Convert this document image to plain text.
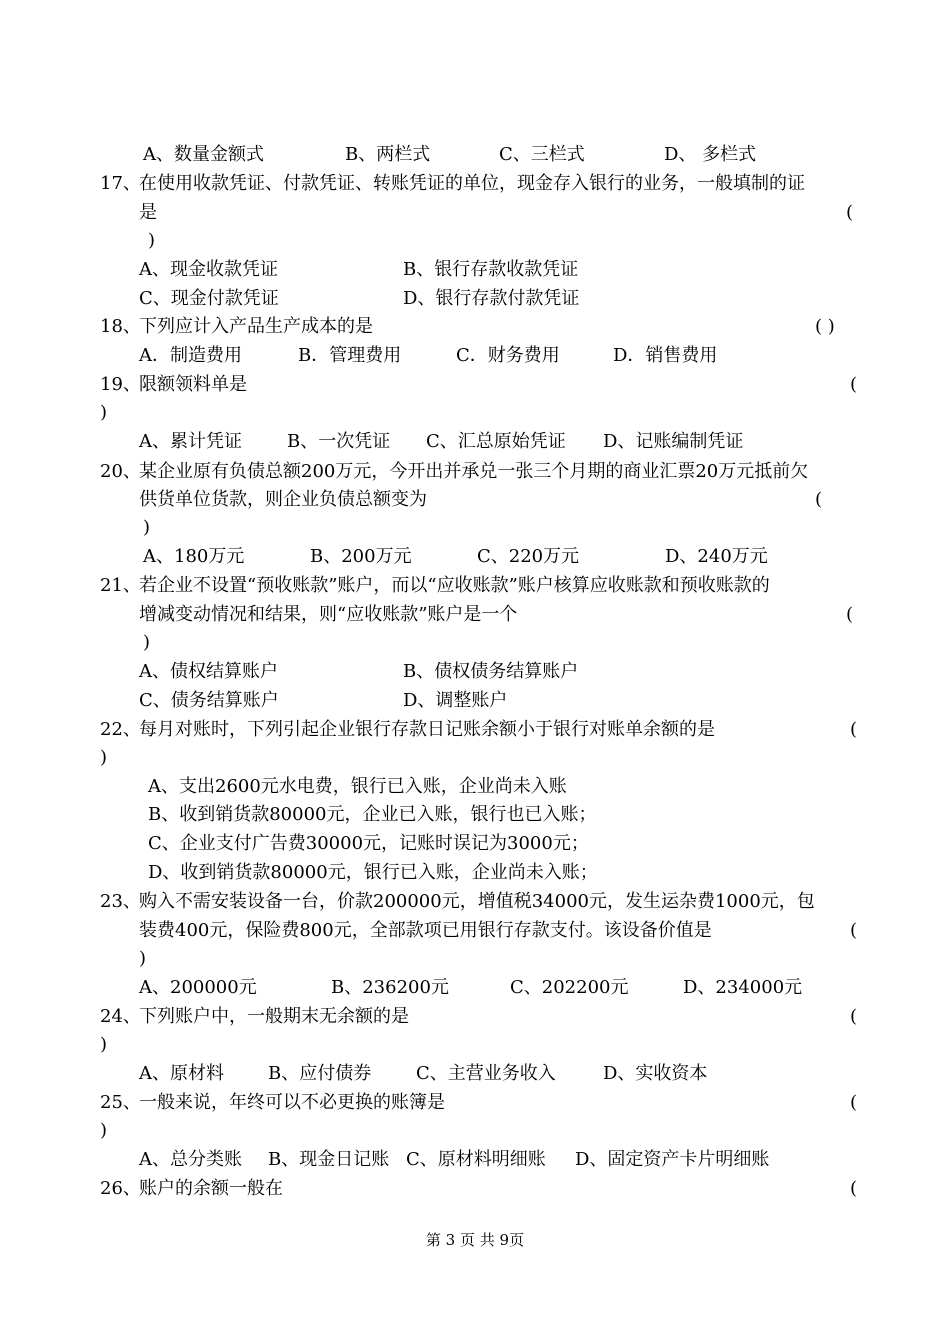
A、数量金额式	B、两栏式	C、三栏式	D、 多栏式
17、
在使用收款凭证、付款凭证、转账凭证的单位，现金存入银行的业务，一般填制的证
是	(
)
A、现金收款凭证	B、银行存款收款凭证
C、现金付款凭证	D、银行存款付款凭证
18、
下列应计入产品生产成本的是	( )
A．制造费用	B．管理费用	C．财务费用	D．销售费用
19、
限额领料单是	(
)
A、累计凭证	B、一次凭证 C、汇总原始凭证 D、记账编制凭证
20、
某企业原有负债总额200万元，今开出并承兑一张三个月期的商业汇票20万元抵前欠
供货单位货款，则企业负债总额变为	(
)
A、180万元	B、200万元	C、220万元	D、240万元
21、
若企业不设置“预收账款”账户，而以“应收账款”账户核算应收账款和预收账款的
增减变动情况和结果，则“应收账款”账户是一个	(
)
A、债权结算账户	B、债权债务结算账户
C、债务结算账户	D、调整账户
22、
每月对账时，下列引起企业银行存款日记账余额小于银行对账单余额的是	(
)
A、支出2600元水电费，银行已入账，企业尚未入账
B、收到销货款80000元，企业已入账，银行也已入账；
C、企业支付广告费30000元，记账时误记为3000元；
D、收到销货款80000元，银行已入账，企业尚未入账；
23、
购入不需安装设备一台，价款200000元，增值税34000元，发生运杂费1000元，包
装费400元，保险费800元，全部款项已用银行存款支付。该设备价值是	(
)
A、200000元	B、236200元	C、202200元	D、234000元
24、
下列账户中，一般期末无余额的是	(
)
A、原材料 B、应付债券 C、主营业务收入	D、实收资本
25、
一般来说，年终可以不必更换的账簿是	(
)
A、总分类账 B、现金日记账 C、原材料明细账 D、固定资产卡片明细账
26、
账户的余额一般在	(
第 3 页 共 9页
